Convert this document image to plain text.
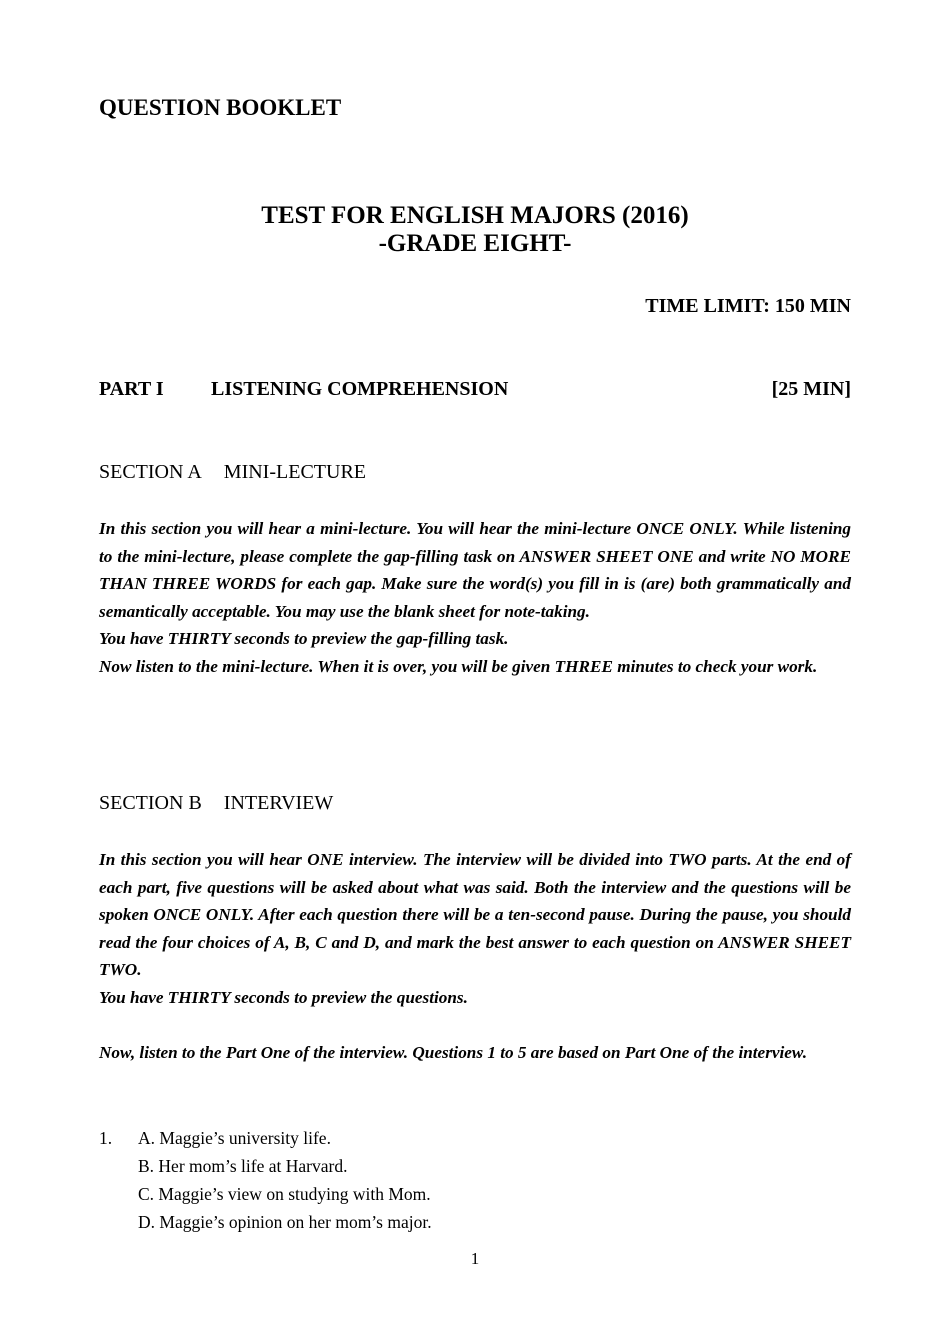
QUESTION BOOKLET
TEST FOR ENGLISH MAJORS (2016)
-GRADE EIGHT-
TIME LIMIT: 150 MIN
PART I	LISTENING COMPREHENSION	[25 MIN]
SECTION A MINI-LECTURE

In this section you will hear a mini-lecture. You will hear the mini-lecture ONCE ONLY. While listening to the mini-lecture, please complete the gap-filling task on ANSWER SHEET ONE and write NO MORE THAN THREE WORDS for each gap. Make sure the word(s) you fill in is (are) both grammatically and semantically acceptable. You may use the blank sheet for note-taking.

You have THIRTY seconds to preview the gap-filling task.

Now listen to the mini-lecture. When it is over, you will be given THREE minutes to check your work.

SECTION B INTERVIEW

In this section you will hear ONE interview. The interview will be divided into TWO parts. At the end of each part, five questions will be asked about what was said. Both the interview and the questions will be spoken ONCE ONLY. After each question there will be a ten-second pause. During the pause, you should read the four choices of A, B, C and D, and mark the best answer to each question on ANSWER SHEET TWO.

You have THIRTY seconds to preview the questions.

Now, listen to the Part One of the interview. Questions 1 to 5 are based on Part One of the interview.

1.	A. Maggie’s university life.
B. Her mom’s life at Harvard.
C. Maggie’s view on studying with Mom.
D. Maggie’s opinion on her mom’s major.
1
